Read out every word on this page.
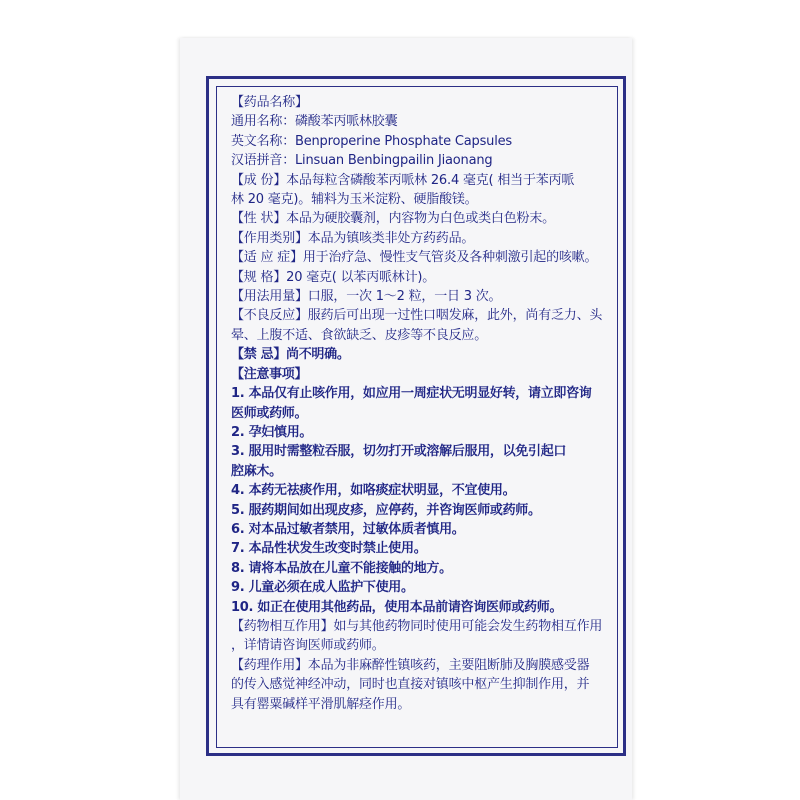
【药品名称】
通用名称：磷酸苯丙哌林胶囊
英文名称：Benproperine Phosphate Capsules
汉语拼音：Linsuan Benbingpailin Jiaonang
【成 份】本品每粒含磷酸苯丙哌林 26.4 毫克( 相当于苯丙哌
林 20 毫克)。辅料为玉米淀粉、硬脂酸镁。
【性 状】本品为硬胶囊剂，内容物为白色或类白色粉末。
【作用类别】本品为镇咳类非处方药药品。
【适 应 症】用于治疗急、慢性支气管炎及各种刺激引起的咳嗽。
【规 格】20 毫克( 以苯丙哌林计)。
【用法用量】口服，一次 1～2 粒，一日 3 次。
【不良反应】服药后可出现一过性口咽发麻，此外，尚有乏力、头
晕、上腹不适、食欲缺乏、皮疹等不良反应。
【禁 忌】尚不明确。
【注意事项】
1. 本品仅有止咳作用，如应用一周症状无明显好转，请立即咨询
医师或药师。
2. 孕妇慎用。
3. 服用时需整粒吞服，切勿打开或溶解后服用，以免引起口
腔麻木。
4. 本药无祛痰作用，如咯痰症状明显，不宜使用。
5. 服药期间如出现皮疹，应停药，并咨询医师或药师。
6. 对本品过敏者禁用，过敏体质者慎用。
7. 本品性状发生改变时禁止使用。
8. 请将本品放在儿童不能接触的地方。
9. 儿童必须在成人监护下使用。
10. 如正在使用其他药品，使用本品前请咨询医师或药师。
【药物相互作用】如与其他药物同时使用可能会发生药物相互作用
，详情请咨询医师或药师。
【药理作用】本品为非麻醉性镇咳药，主要阻断肺及胸膜感受器
的传入感觉神经冲动，同时也直接对镇咳中枢产生抑制作用，并
具有罂粟碱样平滑肌解痉作用。
